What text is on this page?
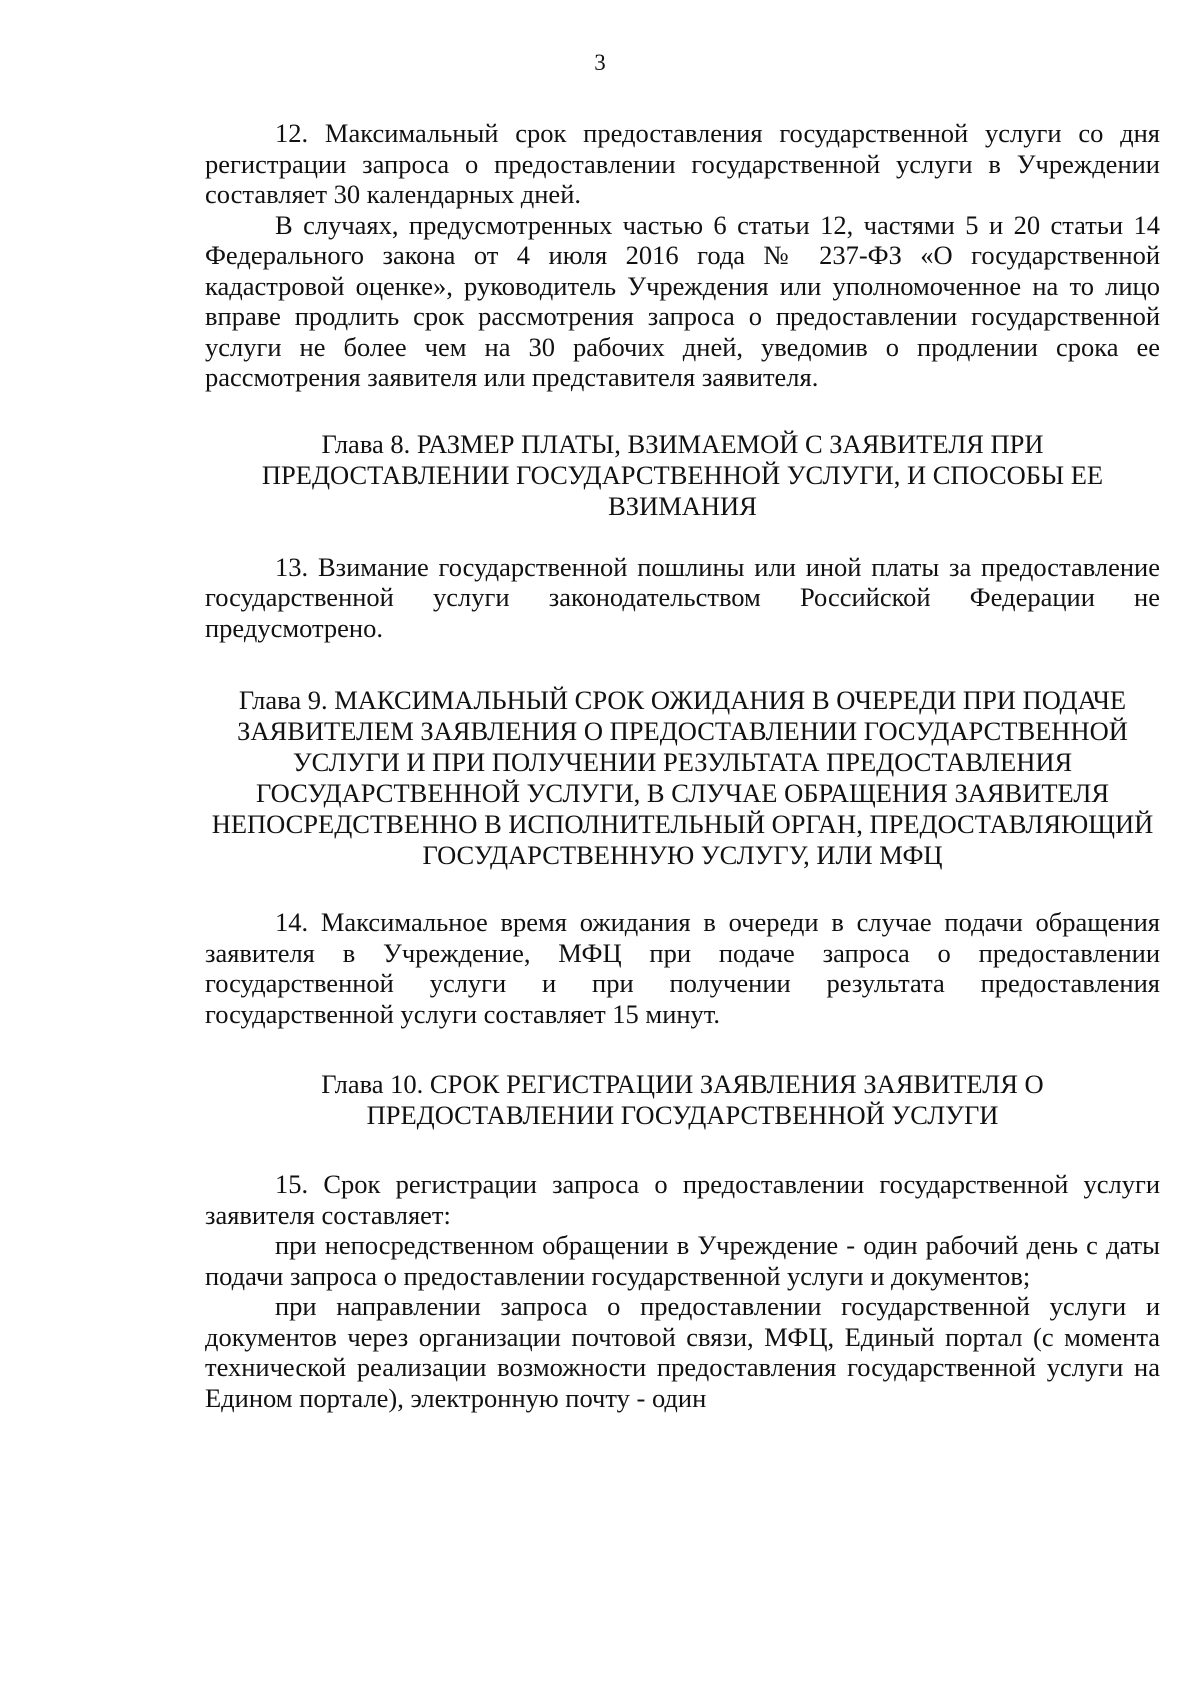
3

12. Максимальный срок предоставления государственной услуги со дня регистрации запроса о предоставлении государственной услуги в Учреждении составляет 30 календарных дней.

В случаях, предусмотренных частью 6 статьи 12, частями 5 и 20 статьи 14 Федерального закона от 4 июля 2016 года № 237-ФЗ «О государственной кадастровой оценке», руководитель Учреждения или уполномоченное на то лицо вправе продлить срок рассмотрения запроса о предоставлении государственной услуги не более чем на 30 рабочих дней, уведомив о продлении срока ее рассмотрения заявителя или представителя заявителя.

Глава 8. РАЗМЕР ПЛАТЫ, ВЗИМАЕМОЙ С ЗАЯВИТЕЛЯ ПРИ ПРЕДОСТАВЛЕНИИ ГОСУДАРСТВЕННОЙ УСЛУГИ, И СПОСОБЫ ЕЕ ВЗИМАНИЯ

13. Взимание государственной пошлины или иной платы за предоставление государственной услуги законодательством Российской Федерации не предусмотрено.

Глава 9. МАКСИМАЛЬНЫЙ СРОК ОЖИДАНИЯ В ОЧЕРЕДИ ПРИ ПОДАЧЕ ЗАЯВИТЕЛЕМ ЗАЯВЛЕНИЯ О ПРЕДОСТАВЛЕНИИ ГОСУДАРСТВЕННОЙ УСЛУГИ И ПРИ ПОЛУЧЕНИИ РЕЗУЛЬТАТА ПРЕДОСТАВЛЕНИЯ ГОСУДАРСТВЕННОЙ УСЛУГИ, В СЛУЧАЕ ОБРАЩЕНИЯ ЗАЯВИТЕЛЯ НЕПОСРЕДСТВЕННО В ИСПОЛНИТЕЛЬНЫЙ ОРГАН, ПРЕДОСТАВЛЯЮЩИЙ ГОСУДАРСТВЕННУЮ УСЛУГУ, ИЛИ МФЦ

14. Максимальное время ожидания в очереди в случае подачи обращения заявителя в Учреждение, МФЦ при подаче запроса о предоставлении государственной услуги и при получении результата предоставления государственной услуги составляет 15 минут.

Глава 10. СРОК РЕГИСТРАЦИИ ЗАЯВЛЕНИЯ ЗАЯВИТЕЛЯ О ПРЕДОСТАВЛЕНИИ ГОСУДАРСТВЕННОЙ УСЛУГИ

15. Срок регистрации запроса о предоставлении государственной услуги заявителя составляет:

при непосредственном обращении в Учреждение - один рабочий день с даты подачи запроса о предоставлении государственной услуги и документов;

при направлении запроса о предоставлении государственной услуги и документов через организации почтовой связи, МФЦ, Единый портал (с момента технической реализации возможности предоставления государственной услуги на Едином портале), электронную почту - один
